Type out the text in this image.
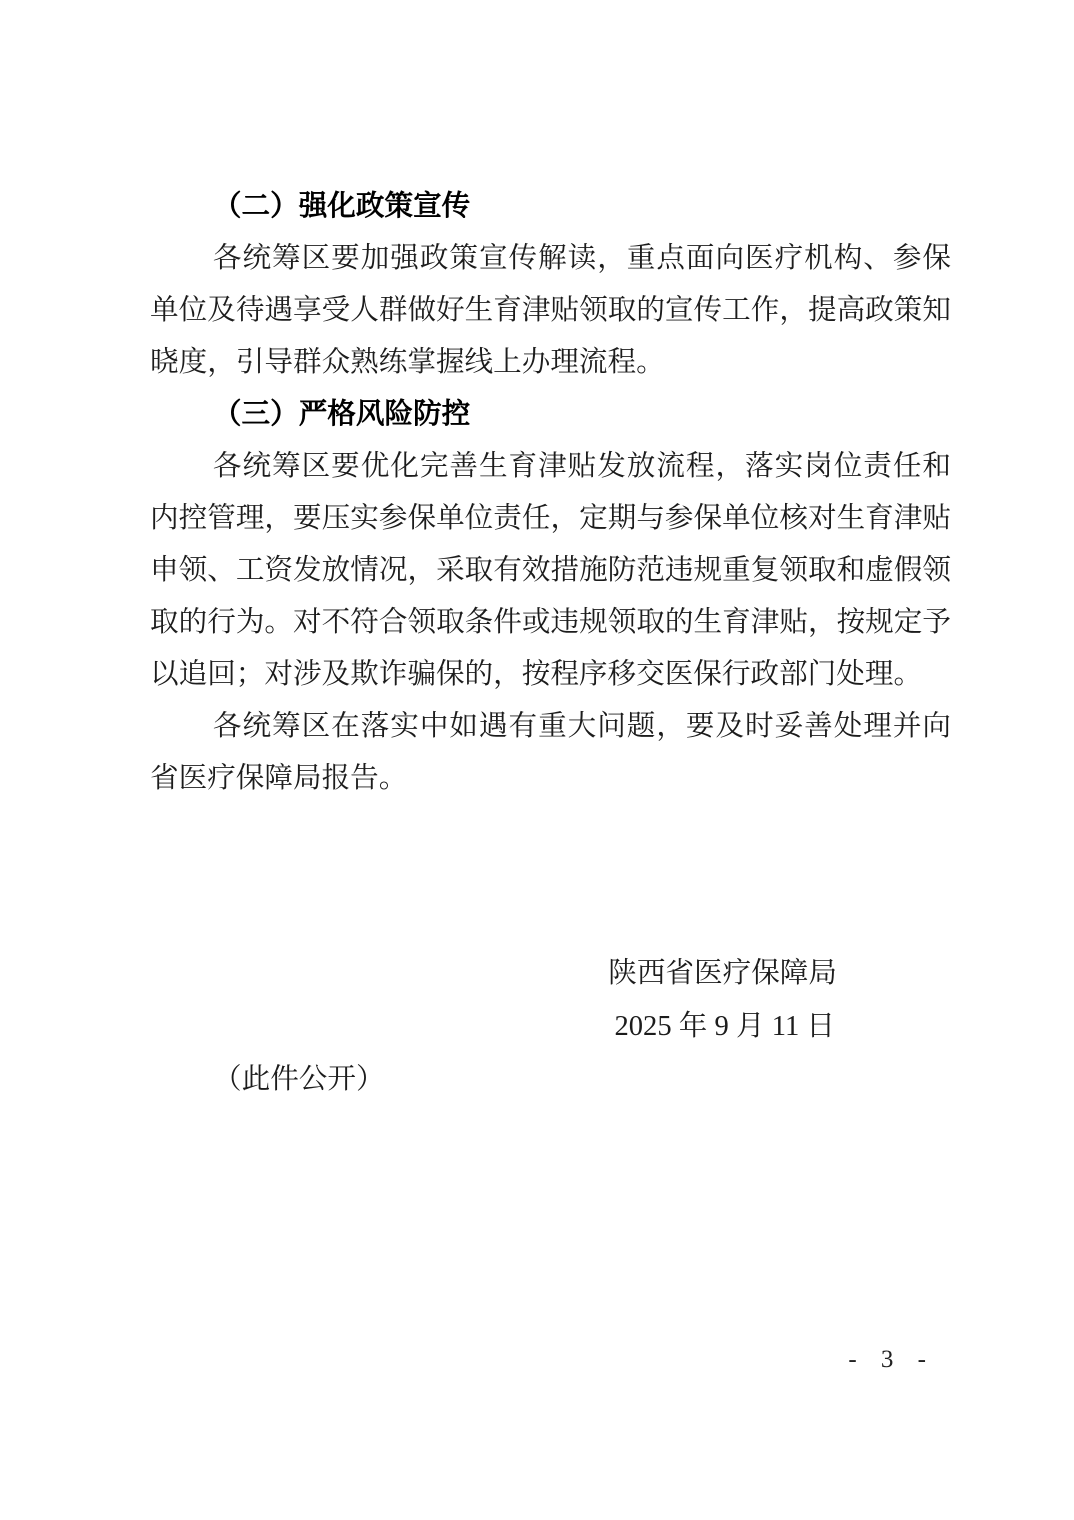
（二）强化政策宣传

各统筹区要加强政策宣传解读，重点面向医疗机构、参保单位及待遇享受人群做好生育津贴领取的宣传工作，提高政策知晓度，引导群众熟练掌握线上办理流程。

（三）严格风险防控

各统筹区要优化完善生育津贴发放流程，落实岗位责任和内控管理，要压实参保单位责任，定期与参保单位核对生育津贴申领、工资发放情况，采取有效措施防范违规重复领取和虚假领取的行为。对不符合领取条件或违规领取的生育津贴，按规定予以追回；对涉及欺诈骗保的，按程序移交医保行政部门处理。

各统筹区在落实中如遇有重大问题，要及时妥善处理并向省医疗保障局报告。

陕西省医疗保障局
2025 年 9 月 11 日
（此件公开）
- 3 -
